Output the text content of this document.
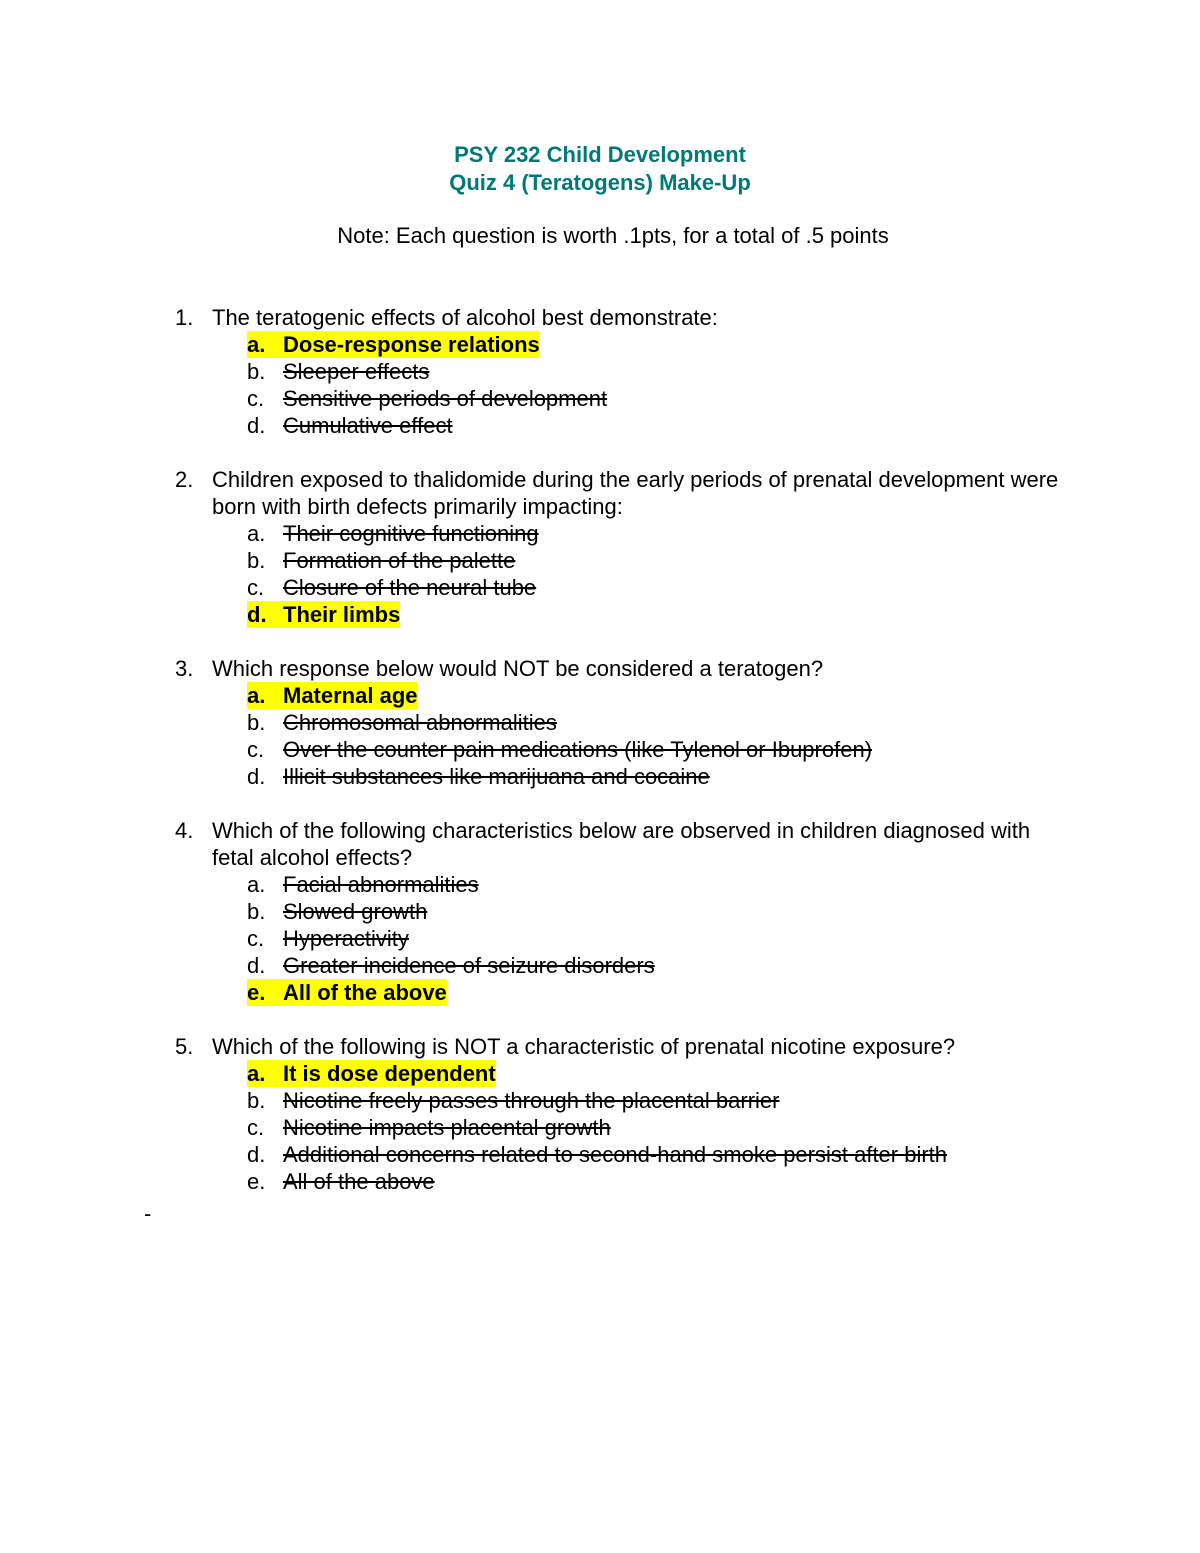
PSY 232 Child Development
Quiz 4 (Teratogens) Make-Up
Note: Each question is worth .1pts, for a total of .5 points
1. The teratogenic effects of alcohol best demonstrate:
a. Dose-response relations
b. Sleeper effects
c. Sensitive periods of development
d. Cumulative effect
2. Children exposed to thalidomide during the early periods of prenatal development were born with birth defects primarily impacting:
a. Their cognitive functioning
b. Formation of the palette
c. Closure of the neural tube
d. Their limbs
3. Which response below would NOT be considered a teratogen?
a. Maternal age
b. Chromosomal abnormalities
c. Over the counter pain medications (like Tylenol or Ibuprofen)
d. Illicit substances like marijuana and cocaine
4. Which of the following characteristics below are observed in children diagnosed with fetal alcohol effects?
a. Facial abnormalities
b. Slowed growth
c. Hyperactivity
d. Greater incidence of seizure disorders
e. All of the above
5. Which of the following is NOT a characteristic of prenatal nicotine exposure?
a. It is dose dependent
b. Nicotine freely passes through the placental barrier
c. Nicotine impacts placental growth
d. Additional concerns related to second-hand smoke persist after birth
e. All of the above
-
